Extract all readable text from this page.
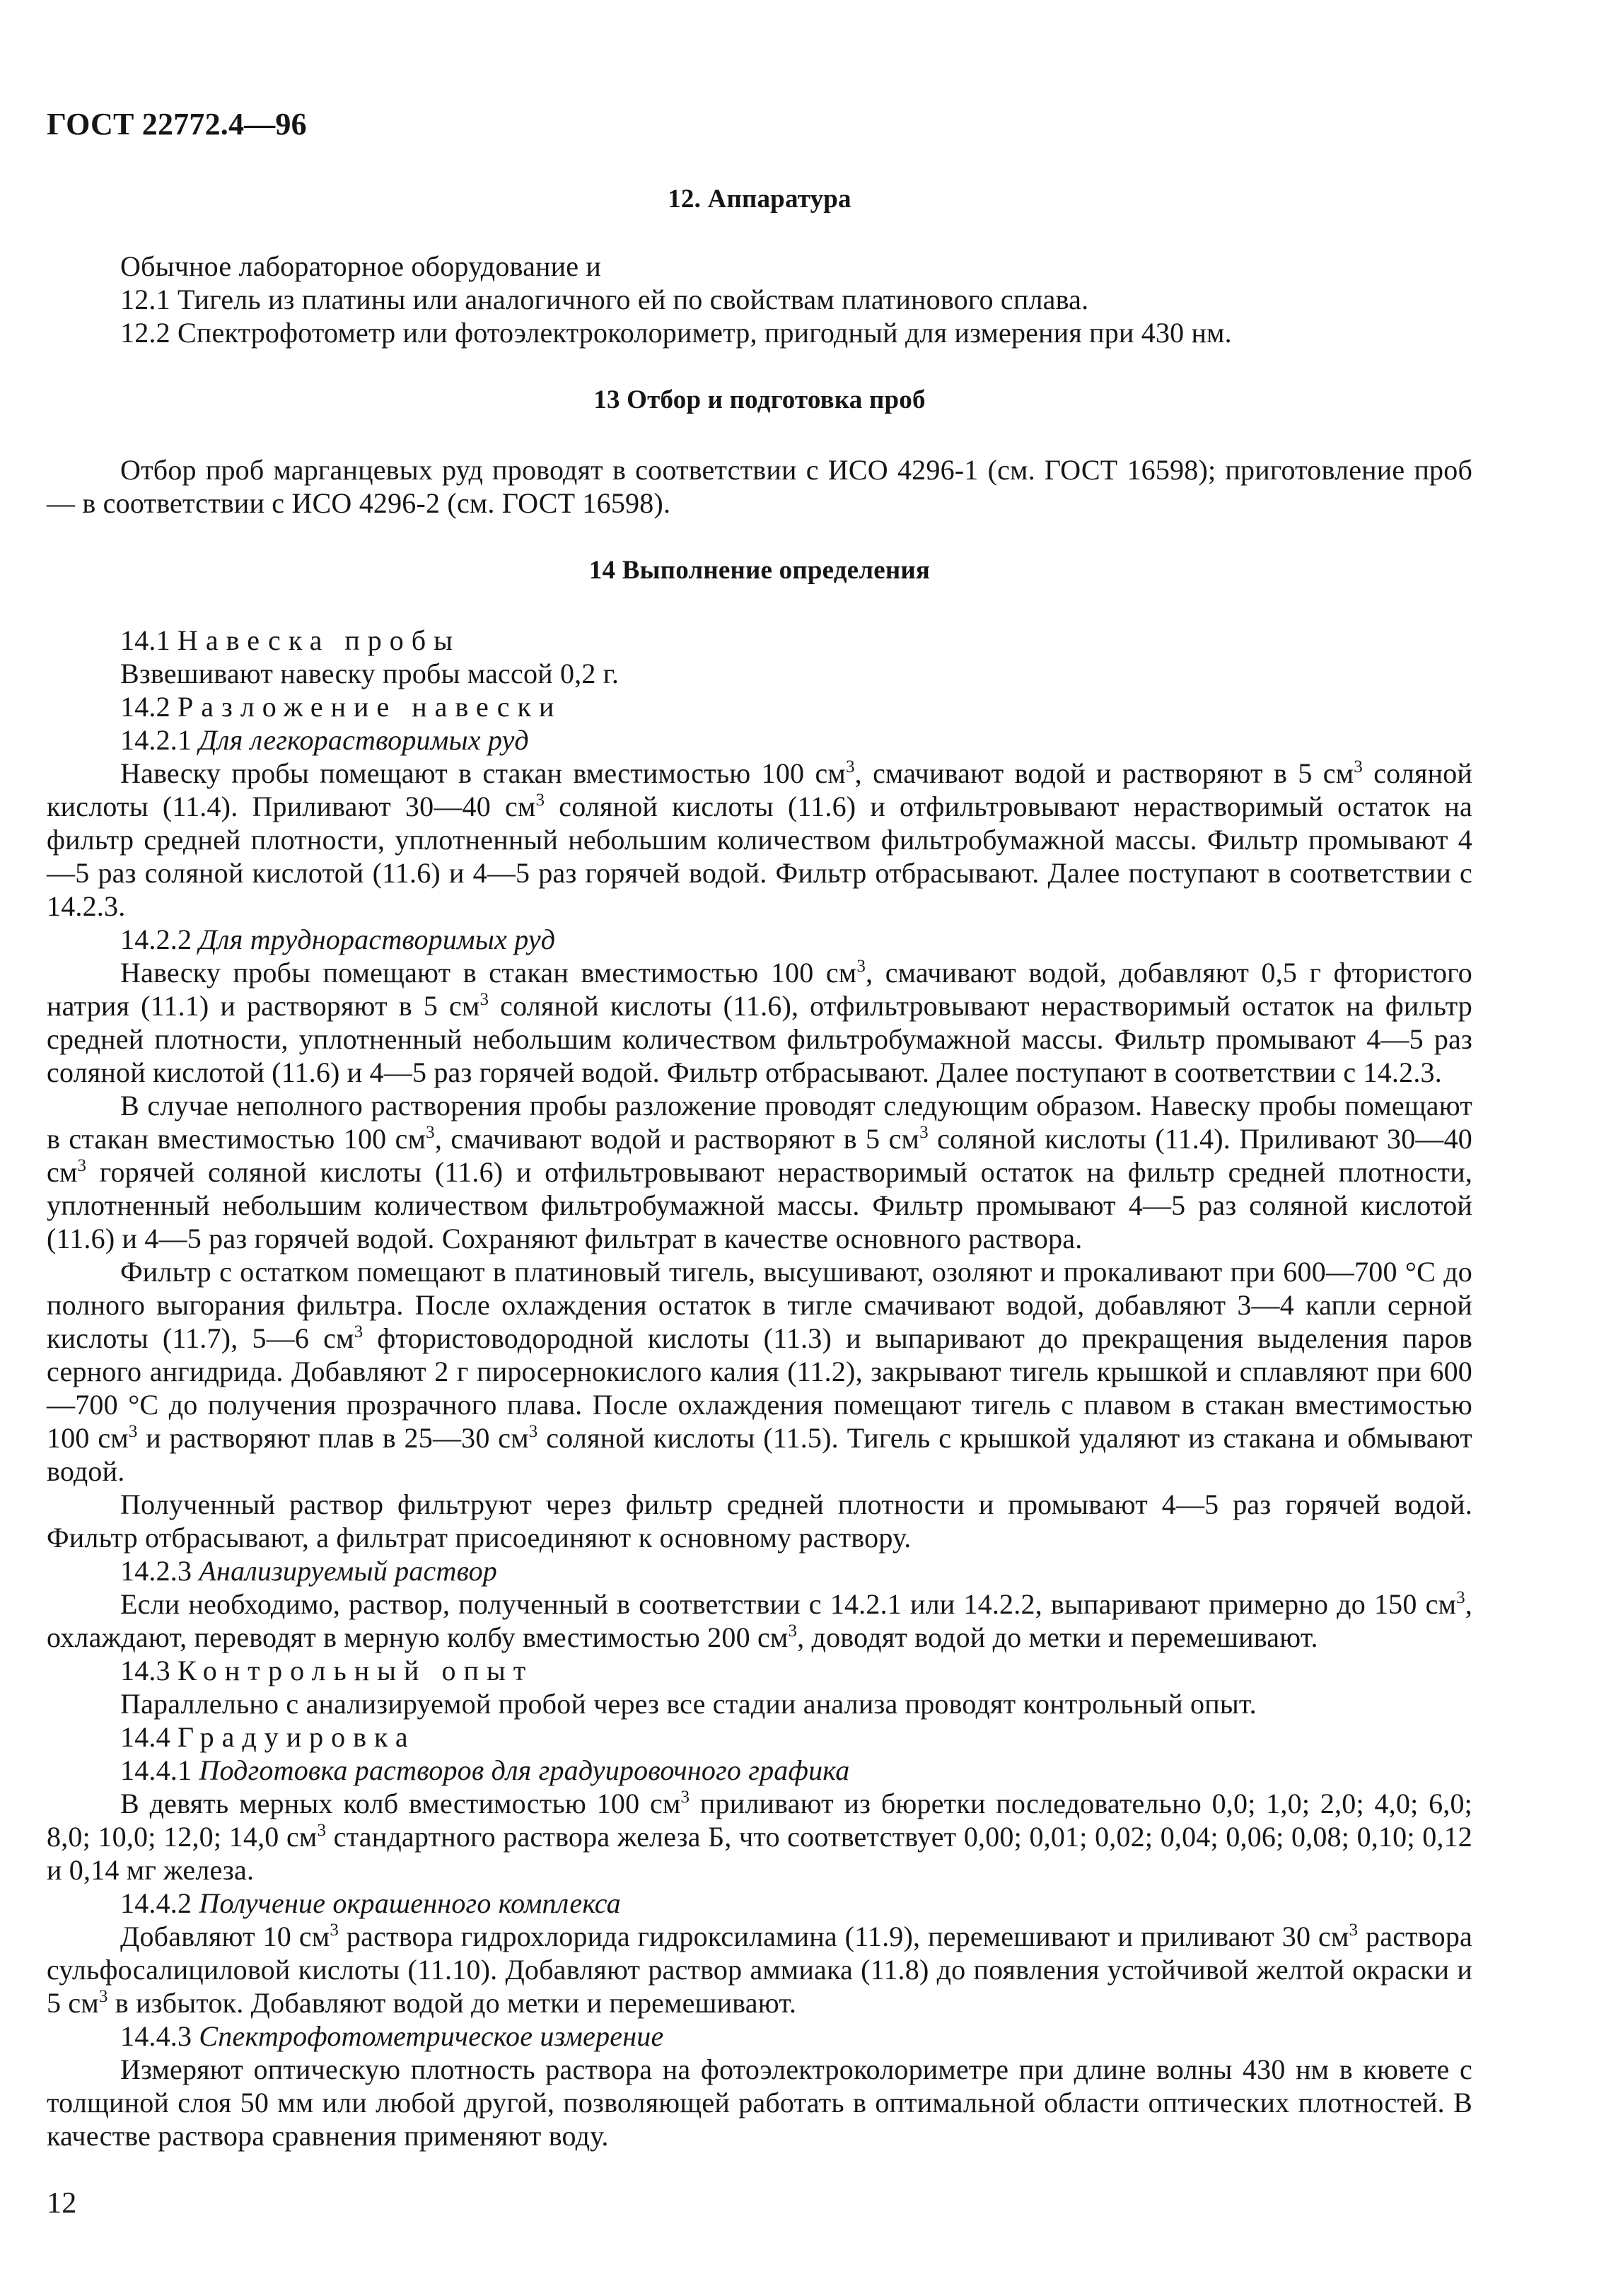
ГОСТ 22772.4—96
12. Аппаратура

Обычное лабораторное оборудование и

12.1 Тигель из платины или аналогичного ей по свойствам платинового сплава.

12.2 Спектрофотометр или фотоэлектроколориметр, пригодный для измерения при 430 нм.

13 Отбор и подготовка проб

Отбор проб марганцевых руд проводят в соответствии с ИСО 4296-1 (см. ГОСТ 16598); приготовление проб — в соответствии с ИСО 4296-2 (см. ГОСТ 16598).

14 Выполнение определения

14.1 Навеска пробы

Взвешивают навеску пробы массой 0,2 г.

14.2 Разложение навески

14.2.1 Для легкорастворимых руд

Навеску пробы помещают в стакан вместимостью 100 $см^3$, смачивают водой и растворяют в 5 $см^3$ соляной кислоты (11.4). Приливают 30—40 $см^3$ соляной кислоты (11.6) и отфильтровывают нерастворимый остаток на фильтр средней плотности, уплотненный небольшим количеством фильтробумажной массы. Фильтр промывают 4—5 раз соляной кислотой (11.6) и 4—5 раз горячей водой. Фильтр отбрасывают. Далее поступают в соответствии с 14.2.3.

14.2.2 Для труднорастворимых руд

Навеску пробы помещают в стакан вместимостью 100 $см^3$, смачивают водой, добавляют 0,5 г фтористого натрия (11.1) и растворяют в 5 $см^3$ соляной кислоты (11.6), отфильтровывают нерастворимый остаток на фильтр средней плотности, уплотненный небольшим количеством фильтробумажной массы. Фильтр промывают 4—5 раз соляной кислотой (11.6) и 4—5 раз горячей водой. Фильтр отбрасывают. Далее поступают в соответствии с 14.2.3.

В случае неполного растворения пробы разложение проводят следующим образом. Навеску пробы помещают в стакан вместимостью 100 $см^3$, смачивают водой и растворяют в 5 $см^3$ соляной кислоты (11.4). Приливают 30—40 $см^3$ горячей соляной кислоты (11.6) и отфильтровывают нерастворимый остаток на фильтр средней плотности, уплотненный небольшим количеством фильтробумажной массы. Фильтр промывают 4—5 раз соляной кислотой (11.6) и 4—5 раз горячей водой. Сохраняют фильтрат в качестве основного раствора.

Фильтр с остатком помещают в платиновый тигель, высушивают, озоляют и прокаливают при 600—700 °С до полного выгорания фильтра. После охлаждения остаток в тигле смачивают водой, добавляют 3—4 капли серной кислоты (11.7), 5—6 $см^3$ фтористоводородной кислоты (11.3) и выпаривают до прекращения выделения паров серного ангидрида. Добавляют 2 г пиросернокислого калия (11.2), закрывают тигель крышкой и сплавляют при 600—700 °С до получения прозрачного плава. После охлаждения помещают тигель с плавом в стакан вместимостью 100 $см^3$ и растворяют плав в 25—30 $см^3$ соляной кислоты (11.5). Тигель с крышкой удаляют из стакана и обмывают водой.

Полученный раствор фильтруют через фильтр средней плотности и промывают 4—5 раз горячей водой. Фильтр отбрасывают, а фильтрат присоединяют к основному раствору.

14.2.3 Анализируемый раствор

Если необходимо, раствор, полученный в соответствии с 14.2.1 или 14.2.2, выпаривают примерно до 150 $см^3$, охлаждают, переводят в мерную колбу вместимостью 200 $см^3$, доводят водой до метки и перемешивают.

14.3 Контрольный опыт

Параллельно с анализируемой пробой через все стадии анализа проводят контрольный опыт.

14.4 Градуировка

14.4.1 Подготовка растворов для градуировочного графика

В девять мерных колб вместимостью 100 $см^3$ приливают из бюретки последовательно 0,0; 1,0; 2,0; 4,0; 6,0; 8,0; 10,0; 12,0; 14,0 $см^3$ стандартного раствора железа Б, что соответствует 0,00; 0,01; 0,02; 0,04; 0,06; 0,08; 0,10; 0,12 и 0,14 мг железа.

14.4.2 Получение окрашенного комплекса

Добавляют 10 $см^3$ раствора гидрохлорида гидроксиламина (11.9), перемешивают и приливают 30 $см^3$ раствора сульфосалициловой кислоты (11.10). Добавляют раствор аммиака (11.8) до появления устойчивой желтой окраски и 5 $см^3$ в избыток. Добавляют водой до метки и перемешивают.

14.4.3 Спектрофотометрическое измерение

Измеряют оптическую плотность раствора на фотоэлектроколориметре при длине волны 430 нм в кювете с толщиной слоя 50 мм или любой другой, позволяющей работать в оптимальной области оптических плотностей. В качестве раствора сравнения применяют воду.

12
